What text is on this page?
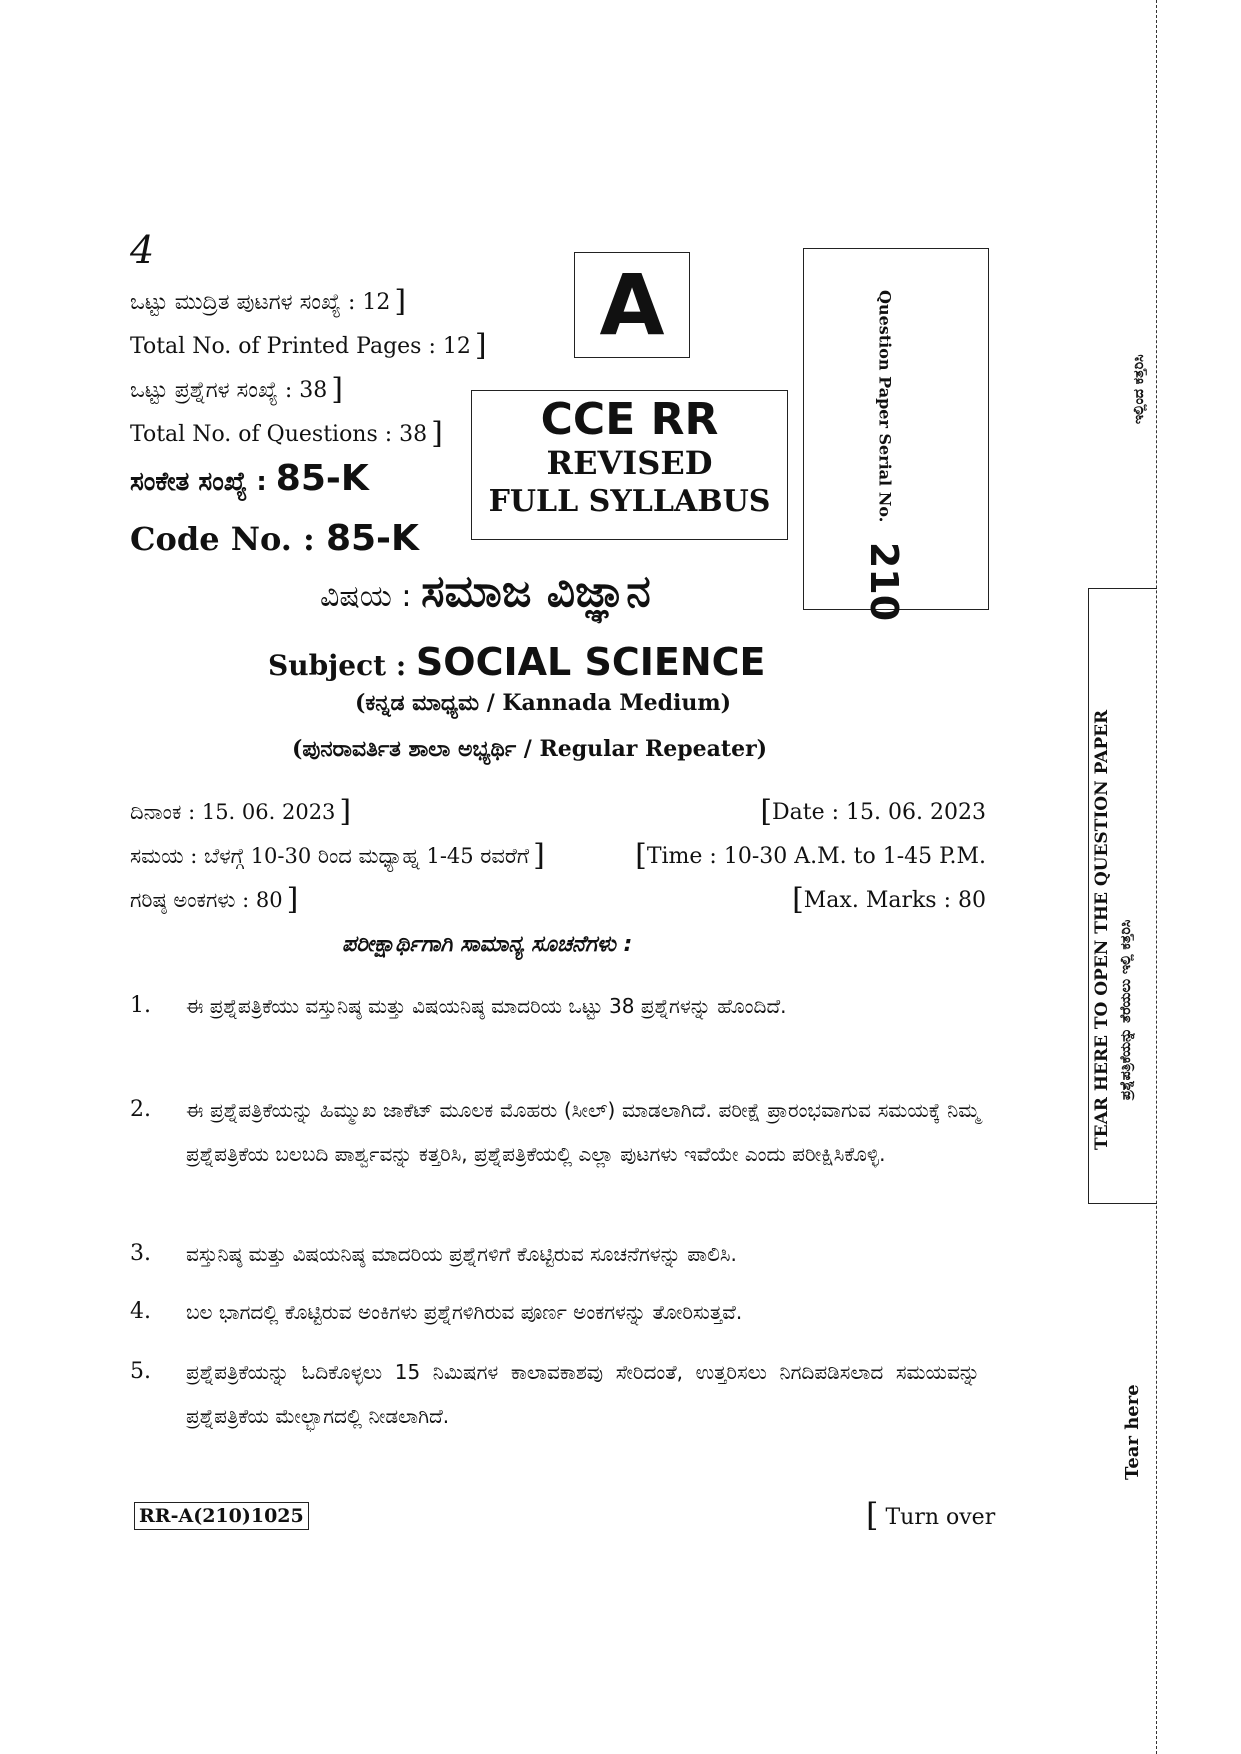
4
ಒಟ್ಟು ಮುದ್ರಿತ ಪುಟಗಳ ಸಂಖ್ಯೆ : 12 ]
Total No. of Printed Pages : 12 ]
ಒಟ್ಟು ಪ್ರಶ್ನೆಗಳ ಸಂಖ್ಯೆ : 38 ]
Total No. of Questions : 38 ]
ಸಂಕೇತ ಸಂಖ್ಯೆ : 85-K
Code No. : 85-K
A
CCE RR
REVISED
FULL SYLLABUS	Question Paper Serial No. 210
ವಿಷಯ : ಸಮಾಜ ವಿಜ್ಞಾನ
Subject : SOCIAL SCIENCE
(ಕನ್ನಡ ಮಾಧ್ಯಮ / Kannada Medium)
(ಪುನರಾವರ್ತಿತ ಶಾಲಾ ಅಭ್ಯರ್ಥಿ / Regular Repeater)
ದಿನಾಂಕ : 15. 06. 2023 ]	[Date : 15. 06. 2023
ಸಮಯ : ಬೆಳಗ್ಗೆ 10-30 ರಿಂದ ಮಧ್ಯಾಹ್ನ 1-45 ರವರೆಗೆ ]	[Time : 10-30 A.M. to 1-45 P.M.
ಗರಿಷ್ಠ ಅಂಕಗಳು : 80 ]	[Max. Marks : 80
ಪರೀಕ್ಷಾರ್ಥಿಗಾಗಿ ಸಾಮಾನ್ಯ ಸೂಚನೆಗಳು :
1. ಈ ಪ್ರಶ್ನೆಪತ್ರಿಕೆಯು ವಸ್ತುನಿಷ್ಠ ಮತ್ತು ವಿಷಯನಿಷ್ಠ ಮಾದರಿಯ ಒಟ್ಟು 38 ಪ್ರಶ್ನೆಗಳನ್ನು ಹೊಂದಿದೆ.
2. ಈ ಪ್ರಶ್ನೆಪತ್ರಿಕೆಯನ್ನು ಹಿಮ್ಮುಖ ಜಾಕೆಟ್ ಮೂಲಕ ಮೊಹರು (ಸೀಲ್) ಮಾಡಲಾಗಿದೆ. ಪರೀಕ್ಷೆ ಪ್ರಾರಂಭವಾಗುವ ಸಮಯಕ್ಕೆ ನಿಮ್ಮ ಪ್ರಶ್ನೆಪತ್ರಿಕೆಯ ಬಲಬದಿ ಪಾರ್ಶ್ವವನ್ನು ಕತ್ತರಿಸಿ, ಪ್ರಶ್ನೆಪತ್ರಿಕೆಯಲ್ಲಿ ಎಲ್ಲಾ ಪುಟಗಳು ಇವೆಯೇ ಎಂದು ಪರೀಕ್ಷಿಸಿಕೊಳ್ಳಿ.
3. ವಸ್ತುನಿಷ್ಠ ಮತ್ತು ವಿಷಯನಿಷ್ಠ ಮಾದರಿಯ ಪ್ರಶ್ನೆಗಳಿಗೆ ಕೊಟ್ಟಿರುವ ಸೂಚನೆಗಳನ್ನು ಪಾಲಿಸಿ.
4. ಬಲ ಭಾಗದಲ್ಲಿ ಕೊಟ್ಟಿರುವ ಅಂಕಿಗಳು ಪ್ರಶ್ನೆಗಳಿಗಿರುವ ಪೂರ್ಣ ಅಂಕಗಳನ್ನು ತೋರಿಸುತ್ತವೆ.
5. ಪ್ರಶ್ನೆಪತ್ರಿಕೆಯನ್ನು ಓದಿಕೊಳ್ಳಲು 15 ನಿಮಿಷಗಳ ಕಾಲಾವಕಾಶವು ಸೇರಿದಂತೆ, ಉತ್ತರಿಸಲು ನಿಗದಿಪಡಿಸಲಾದ ಸಮಯವನ್ನು ಪ್ರಶ್ನೆಪತ್ರಿಕೆಯ ಮೇಲ್ಭಾಗದಲ್ಲಿ ನೀಡಲಾಗಿದೆ.
RR-A(210)1025	[ Turn over
ಇಲ್ಲಿಂದ ಕತ್ತರಿಸಿ
TEAR HERE TO OPEN THE QUESTION PAPER ಪ್ರಶ್ನೆಪತ್ರಿಕೆಯನ್ನು ತೆರೆಯಲು ಇಲ್ಲಿ ಕತ್ತರಿಸಿ
Tear here
